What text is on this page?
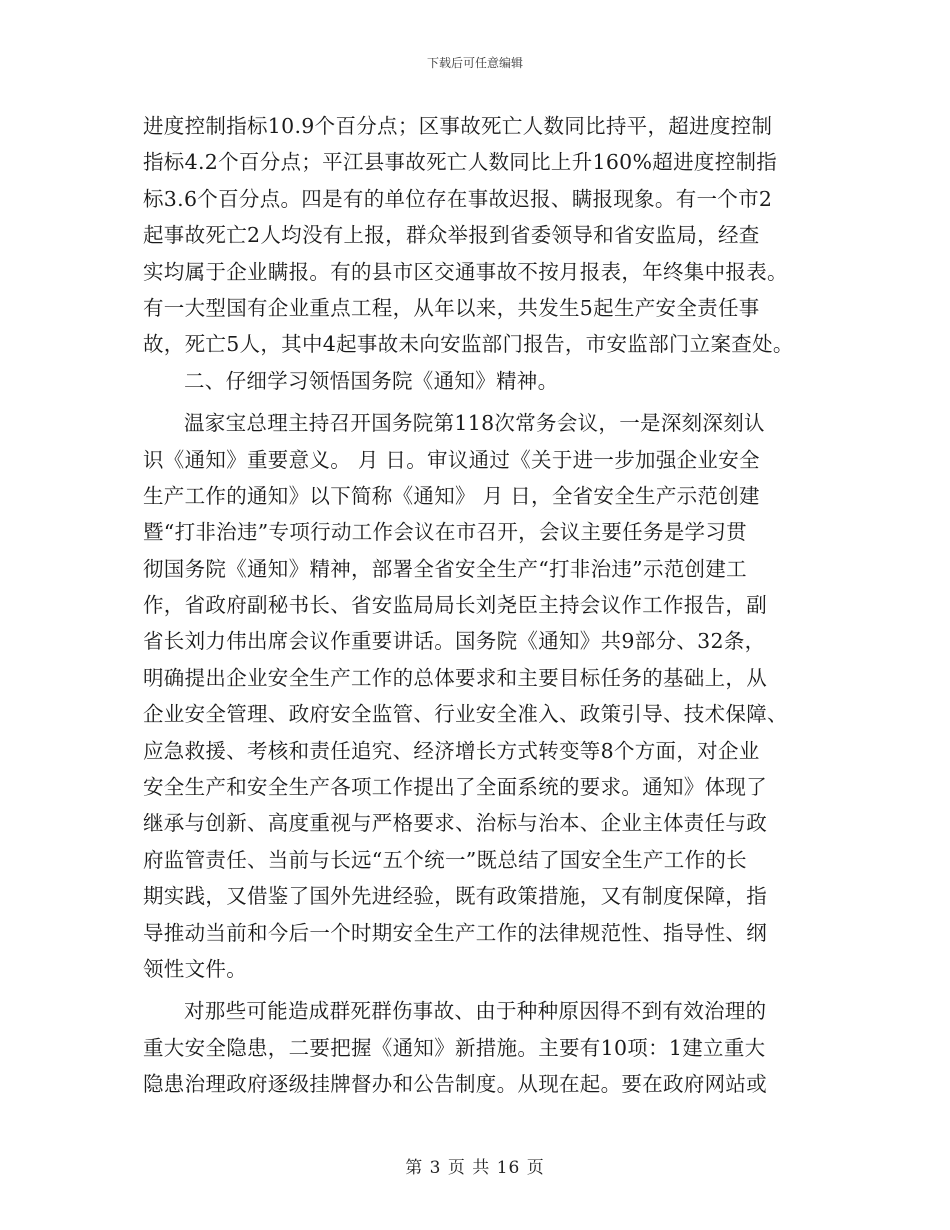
下载后可任意编辑
进度控制指标10.9个百分点；区事故死亡人数同比持平，超进度控制
指标4.2个百分点；平江县事故死亡人数同比上升160%超进度控制指
标3.6个百分点。四是有的单位存在事故迟报、瞒报现象。有一个市2
起事故死亡2人均没有上报，群众举报到省委领导和省安监局，经查
实均属于企业瞒报。有的县市区交通事故不按月报表，年终集中报表。
有一大型国有企业重点工程，从年以来，共发生5起生产安全责任事
故，死亡5人，其中4起事故未向安监部门报告，市安监部门立案查处。
二、仔细学习领悟国务院《通知》精神。
温家宝总理主持召开国务院第118次常务会议，一是深刻深刻认
识《通知》重要意义。 月 日。审议通过《关于进一步加强企业安全
生产工作的通知》以下简称《通知》 月 日，全省安全生产示范创建
暨“打非治违”专项行动工作会议在市召开，会议主要任务是学习贯
彻国务院《通知》精神，部署全省安全生产“打非治违”示范创建工
作，省政府副秘书长、省安监局局长刘尧臣主持会议作工作报告，副
省长刘力伟出席会议作重要讲话。国务院《通知》共9部分、32条，
明确提出企业安全生产工作的总体要求和主要目标任务的基础上，从
企业安全管理、政府安全监管、行业安全准入、政策引导、技术保障、
应急救援、考核和责任追究、经济增长方式转变等8个方面，对企业
安全生产和安全生产各项工作提出了全面系统的要求。通知》体现了
继承与创新、高度重视与严格要求、治标与治本、企业主体责任与政
府监管责任、当前与长远“五个统一”既总结了国安全生产工作的长
期实践，又借鉴了国外先进经验，既有政策措施，又有制度保障，指
导推动当前和今后一个时期安全生产工作的法律规范性、指导性、纲
领性文件。
对那些可能造成群死群伤事故、由于种种原因得不到有效治理的
重大安全隐患，二要把握《通知》新措施。主要有10项：1建立重大
隐患治理政府逐级挂牌督办和公告制度。从现在起。要在政府网站或
第 3 页 共 16 页
